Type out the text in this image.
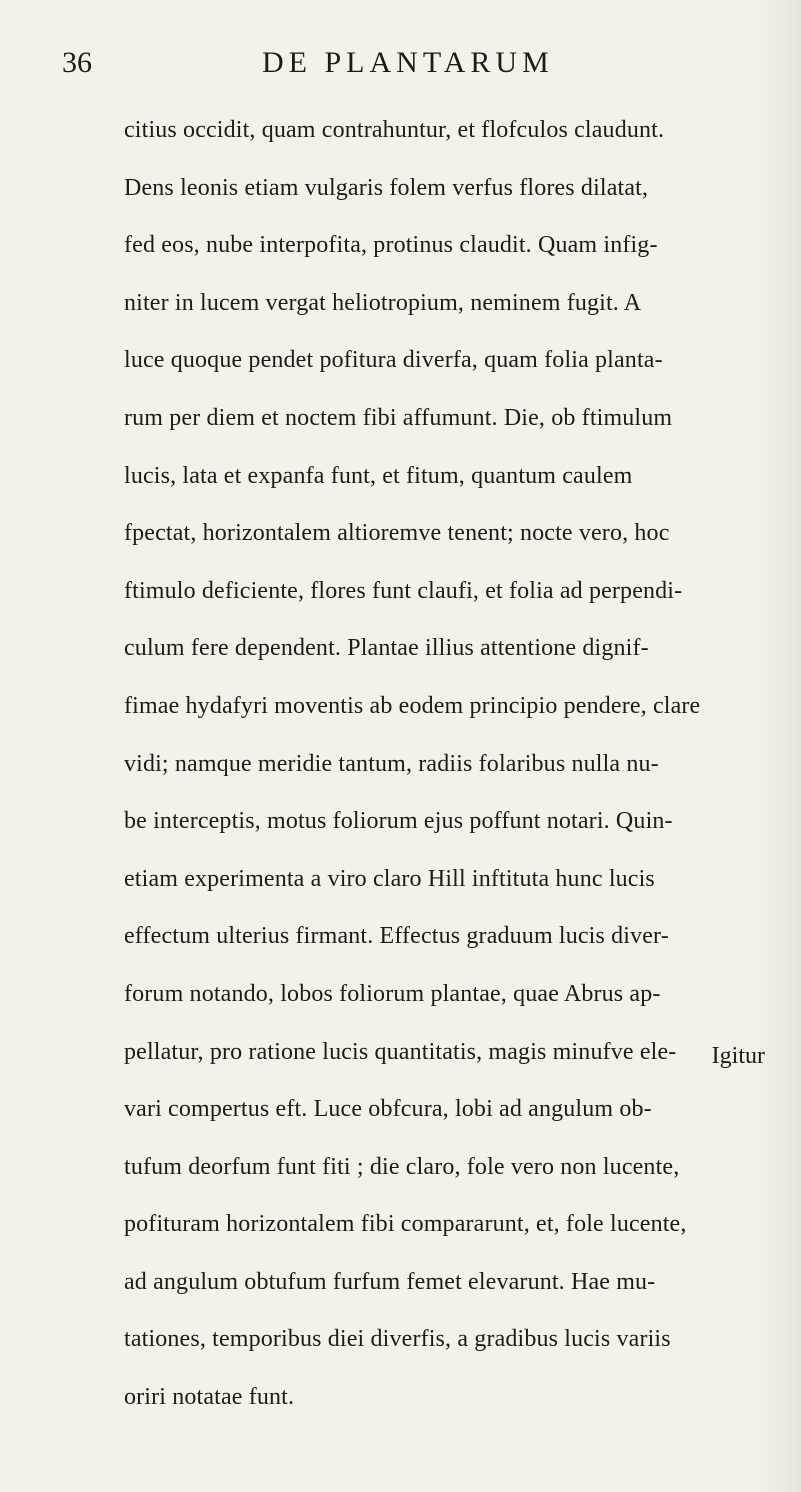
36	DE PLANTARUM
citius occidit, quam contrahuntur, et flofculos claudunt.
Dens leonis etiam vulgaris folem verfus flores dilatat,
fed eos, nube interpofita, protinus claudit. Quam infig-
niter in lucem vergat heliotropium, neminem fugit. A
luce quoque pendet pofitura diverfa, quam folia planta-
rum per diem et noctem fibi affumunt. Die, ob ftimulum
lucis, lata et expanfa funt, et fitum, quantum caulem
fpectat, horizontalem altioremve tenent; nocte vero, hoc
ftimulo deficiente, flores funt claufi, et folia ad perpendi-
culum fere dependent. Plantae illius attentione dignif-
fimae hydafyri moventis ab eodem principio pendere, clare
vidi; namque meridie tantum, radiis folaribus nulla nu-
be interceptis, motus foliorum ejus poffunt notari. Quin-
etiam experimenta a viro claro Hill inftituta hunc lucis
effectum ulterius firmant. Effectus graduum lucis diver-
forum notando, lobos foliorum plantae, quae Abrus ap-
pellatur, pro ratione lucis quantitatis, magis minufve ele-
vari compertus eft. Luce obfcura, lobi ad angulum ob-
tufum deorfum funt fiti ; die claro, fole vero non lucente,
pofituram horizontalem fibi compararunt, et, fole lucente,
ad angulum obtufum furfum femet elevarunt. Hae mu-
tationes, temporibus diei diverfis, a gradibus lucis variis
oriri notatae funt.
Igitur
